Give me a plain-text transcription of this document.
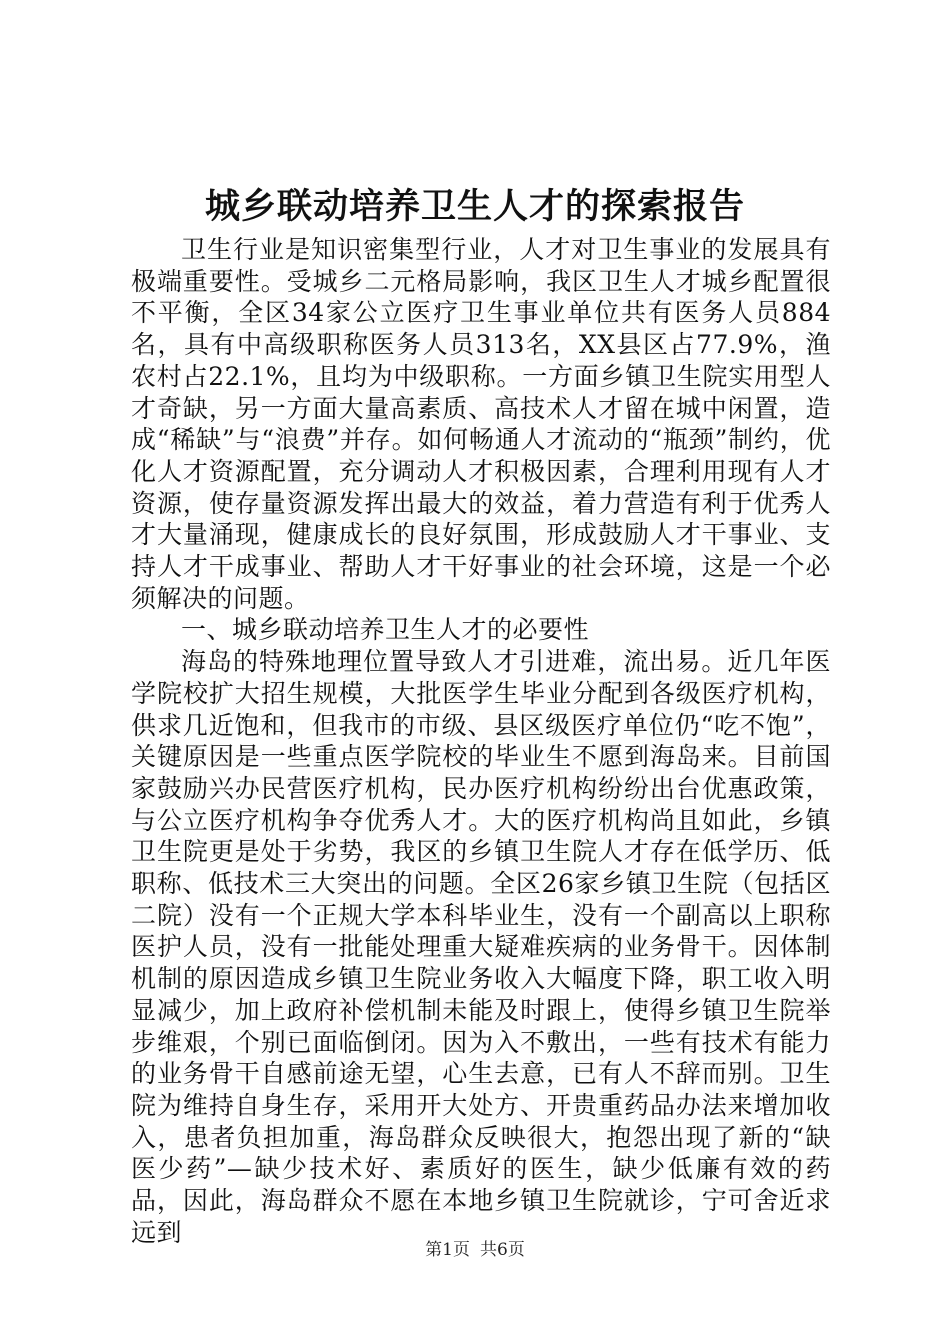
城乡联动培养卫生人才的探索报告

卫生行业是知识密集型行业，人才对卫生事业的发展具有极端重要性。受城乡二元格局影响，我区卫生人才城乡配置很不平衡，全区34家公立医疗卫生事业单位共有医务人员884名，具有中高级职称医务人员313名，XX县区占77.9%，渔农村占22.1%，且均为中级职称。一方面乡镇卫生院实用型人才奇缺，另一方面大量高素质、高技术人才留在城中闲置，造成“稀缺”与“浪费”并存。如何畅通人才流动的“瓶颈”制约，优化人才资源配置，充分调动人才积极因素，合理利用现有人才资源，使存量资源发挥出最大的效益，着力营造有利于优秀人才大量涌现，健康成长的良好氛围，形成鼓励人才干事业、支持人才干成事业、帮助人才干好事业的社会环境，这是一个必须解决的问题。

一、城乡联动培养卫生人才的必要性

海岛的特殊地理位置导致人才引进难，流出易。近几年医学院校扩大招生规模，大批医学生毕业分配到各级医疗机构，供求几近饱和，但我市的市级、县区级医疗单位仍“吃不饱”，关键原因是一些重点医学院校的毕业生不愿到海岛来。目前国家鼓励兴办民营医疗机构，民办医疗机构纷纷出台优惠政策，与公立医疗机构争夺优秀人才。大的医疗机构尚且如此，乡镇卫生院更是处于劣势，我区的乡镇卫生院人才存在低学历、低职称、低技术三大突出的问题。全区26家乡镇卫生院（包括区二院）没有一个正规大学本科毕业生，没有一个副高以上职称医护人员，没有一批能处理重大疑难疾病的业务骨干。因体制机制的原因造成乡镇卫生院业务收入大幅度下降，职工收入明显减少，加上政府补偿机制未能及时跟上，使得乡镇卫生院举步维艰，个别已面临倒闭。因为入不敷出，一些有技术有能力的业务骨干自感前途无望，心生去意，已有人不辞而别。卫生院为维持自身生存，采用开大处方、开贵重药品办法来增加收入，患者负担加重，海岛群众反映很大，抱怨出现了新的“缺医少药”—缺少技术好、素质好的医生，缺少低廉有效的药品，因此，海岛群众不愿在本地乡镇卫生院就诊，宁可舍近求远到

第1页 共6页
